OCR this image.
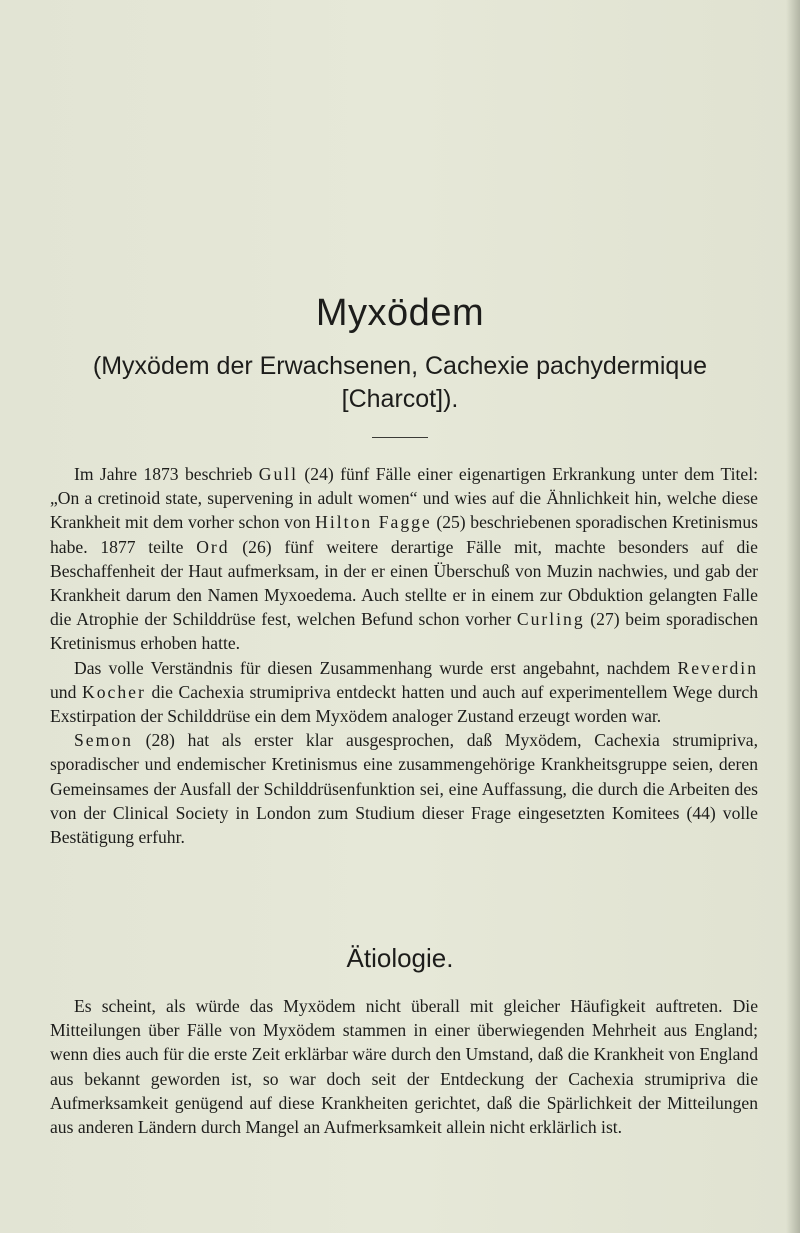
Myxödem
(Myxödem der Erwachsenen, Cachexie pachydermique [Charcot]).

Im Jahre 1873 beschrieb Gull (24) fünf Fälle einer eigenartigen Erkrankung unter dem Titel: „On a cretinoid state, supervening in adult women“ und wies auf die Ähnlichkeit hin, welche diese Krankheit mit dem vorher schon von Hilton Fagge (25) beschriebenen sporadischen Kretinismus habe. 1877 teilte Ord (26) fünf weitere derartige Fälle mit, machte besonders auf die Beschaffenheit der Haut aufmerksam, in der er einen Überschuß von Muzin nachwies, und gab der Krankheit darum den Namen Myxoedema. Auch stellte er in einem zur Obduktion gelangten Falle die Atrophie der Schilddrüse fest, welchen Befund schon vorher Curling (27) beim sporadischen Kretinismus erhoben hatte.

Das volle Verständnis für diesen Zusammenhang wurde erst angebahnt, nachdem Reverdin und Kocher die Cachexia strumipriva entdeckt hatten und auch auf experimentellem Wege durch Exstirpation der Schilddrüse ein dem Myxödem analoger Zustand erzeugt worden war.

Semon (28) hat als erster klar ausgesprochen, daß Myxödem, Cachexia strumipriva, sporadischer und endemischer Kretinismus eine zusammengehörige Krankheitsgruppe seien, deren Gemeinsames der Ausfall der Schilddrüsenfunktion sei, eine Auffassung, die durch die Arbeiten des von der Clinical Society in London zum Studium dieser Frage eingesetzten Komitees (44) volle Bestätigung erfuhr.

Ätiologie.

Es scheint, als würde das Myxödem nicht überall mit gleicher Häufigkeit auftreten. Die Mitteilungen über Fälle von Myxödem stammen in einer überwiegenden Mehrheit aus England; wenn dies auch für die erste Zeit erklärbar wäre durch den Umstand, daß die Krankheit von England aus bekannt geworden ist, so war doch seit der Entdeckung der Cachexia strumipriva die Aufmerksamkeit genügend auf diese Krankheiten gerichtet, daß die Spärlichkeit der Mitteilungen aus anderen Ländern durch Mangel an Aufmerksamkeit allein nicht erklärlich ist.
